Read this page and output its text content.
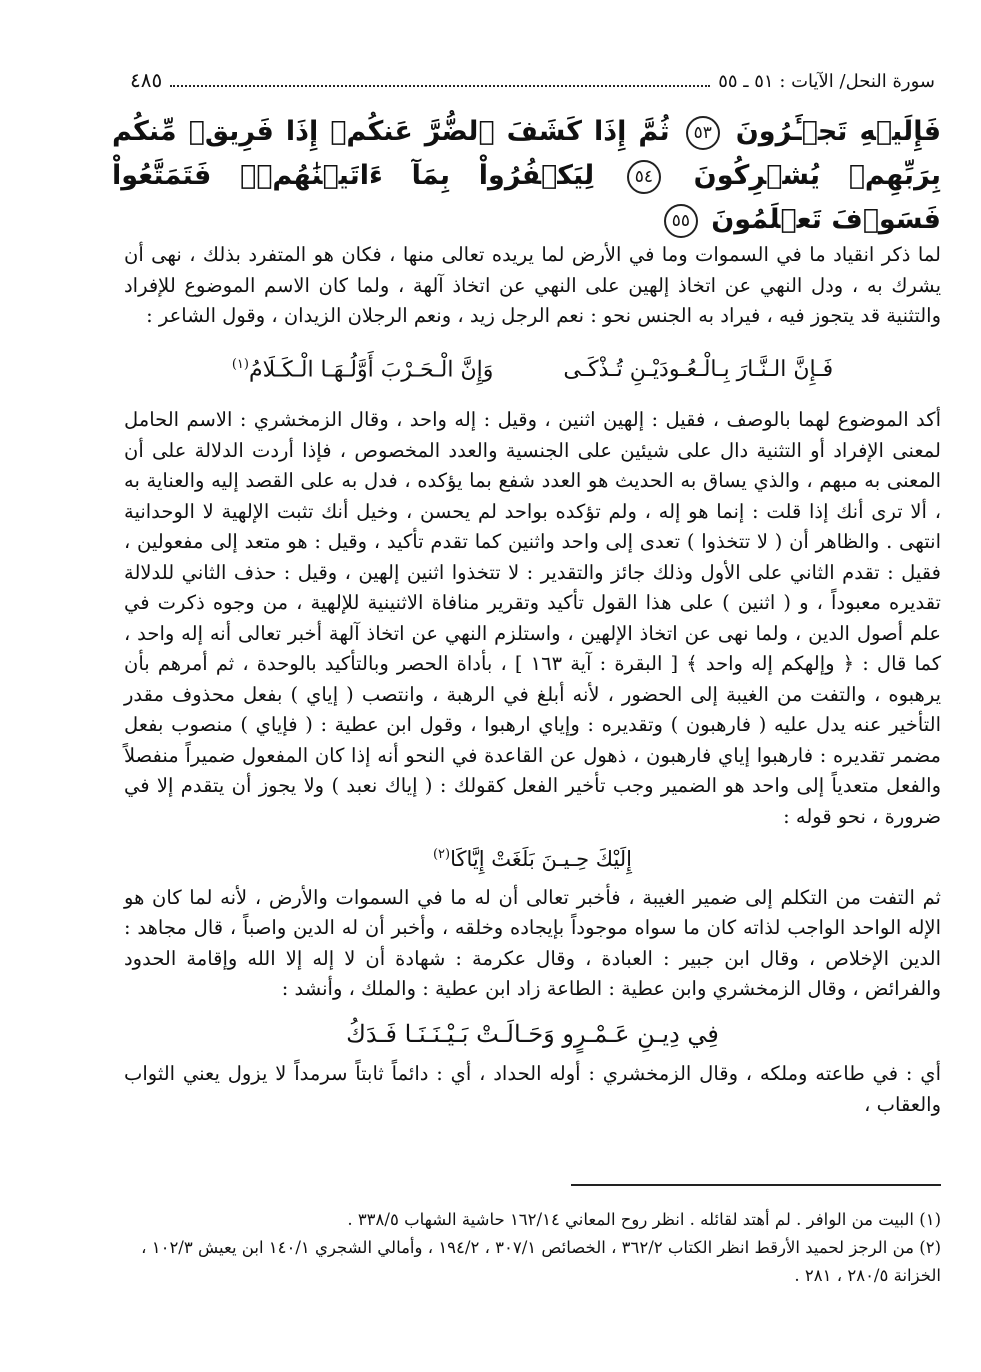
سورة النحل/ الآيات : ٥١ ـ ٥٥
٤٨٥
فَإِلَيۡهِ تَجۡـَٔرُونَ ٥٣ ثُمَّ إِذَا كَشَفَ ٱلضُّرَّ عَنكُمۡ إِذَا فَرِيقٞ مِّنكُم بِرَبِّهِمۡ يُشۡرِكُونَ ٥٤ لِيَكۡفُرُواْ بِمَآ ءَاتَيۡنَٰهُمۡۚ فَتَمَتَّعُواْ فَسَوۡفَ تَعۡلَمُونَ ٥٥

لما ذكر انقياد ما في السموات وما في الأرض لما يريده تعالى منها ، فكان هو المتفرد بذلك ، نهى أن يشرك به ، ودل النهي عن اتخاذ إلهين على النهي عن اتخاذ آلهة ، ولما كان الاسم الموضوع للإفراد والتثنية قد يتجوز فيه ، فيراد به الجنس نحو : نعم الرجل زيد ، ونعم الرجلان الزيدان ، وقول الشاعر :

فَـإِنَّ الـنَّـارَ بِـالْـعُـودَيْـنِ تُـذْكَـى وَإِنَّ الْـحَـرْبَ أَوَّلُـهَـا الْـكَـلَامُ$^{(١)}$

أكد الموضوع لهما بالوصف ، فقيل : إلهين اثنين ، وقيل : إله واحد ، وقال الزمخشري : الاسم الحامل لمعنى الإفراد أو التثنية دال على شيئين على الجنسية والعدد المخصوص ، فإذا أردت الدلالة على أن المعنى به مبهم ، والذي يساق به الحديث هو العدد شفع بما يؤكده ، فدل به على القصد إليه والعناية به ، ألا ترى أنك إذا قلت : إنما هو إله ، ولم تؤكده بواحد لم يحسن ، وخيل أنك تثبت الإلهية لا الوحدانية انتهى . والظاهر أن ( لا تتخذوا ) تعدى إلى واحد واثنين كما تقدم تأكيد ، وقيل : هو متعد إلى مفعولين ، فقيل : تقدم الثاني على الأول وذلك جائز والتقدير : لا تتخذوا اثنين إلهين ، وقيل : حذف الثاني للدلالة تقديره معبوداً ، و ( اثنين ) على هذا القول تأكيد وتقرير منافاة الاثنينية للإلهية ، من وجوه ذكرت في علم أصول الدين ، ولما نهى عن اتخاذ الإلهين ، واستلزم النهي عن اتخاذ آلهة أخبر تعالى أنه إله واحد ، كما قال : ﴿ وإلهكم إله واحد ﴾ [ البقرة : آية ١٦٣ ] ، بأداة الحصر وبالتأكيد بالوحدة ، ثم أمرهم بأن يرهبوه ، والتفت من الغيبة إلى الحضور ، لأنه أبلغ في الرهبة ، وانتصب ( إياي ) بفعل محذوف مقدر التأخير عنه يدل عليه ( فارهبون ) وتقديره : وإياي ارهبوا ، وقول ابن عطية : ( فإياي ) منصوب بفعل مضمر تقديره : فارهبوا إياي فارهبون ، ذهول عن القاعدة في النحو أنه إذا كان المفعول ضميراً منفصلاً والفعل متعدياً إلى واحد هو الضمير وجب تأخير الفعل كقولك : ( إياك نعبد ) ولا يجوز أن يتقدم إلا في ضرورة ، نحو قوله :

إِلَيْكَ حِـيـنَ بَلَغَتْ إِيَّاكَا$^{(٢)}$

ثم التفت من التكلم إلى ضمير الغيبة ، فأخبر تعالى أن له ما في السموات والأرض ، لأنه لما كان هو الإله الواحد الواجب لذاته كان ما سواه موجوداً بإيجاده وخلقه ، وأخبر أن له الدين واصباً ، قال مجاهد : الدين الإخلاص ، وقال ابن جبير : العبادة ، وقال عكرمة : شهادة أن لا إله إلا الله وإقامة الحدود والفرائض ، وقال الزمخشري وابن عطية : الطاعة زاد ابن عطية : والملك ، وأنشد :

فِي دِيـنِ عَـمْـرٍو وَحَـالَـتْ بَـيْـنَـنَـا فَـدَكُ

أي : في طاعته وملكه ، وقال الزمخشري : أوله الحداد ، أي : دائماً ثابتاً سرمداً لا يزول يعني الثواب والعقاب ،

(١) البيت من الوافر . لم أهتد لقائله . انظر روح المعاني ١٦٢/١٤ حاشية الشهاب ٣٣٨/٥ .

(٢) من الرجز لحميد الأرقط انظر الكتاب ٣٦٢/٢ ، الخصائص ٣٠٧/١ ، ١٩٤/٢ ، وأمالي الشجري ١٤٠/١ ابن يعيش ١٠٢/٣ ، الخزانة ٢٨٠/٥ ، ٢٨١ .
